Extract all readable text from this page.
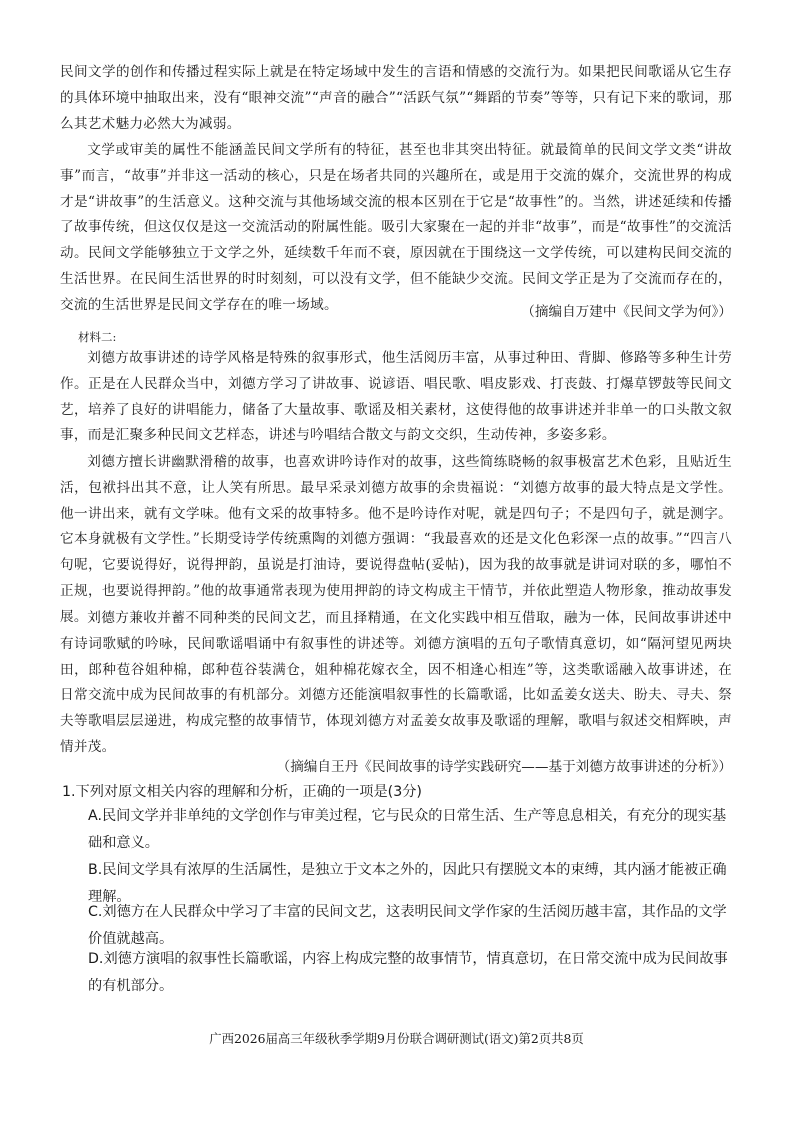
民间文学的创作和传播过程实际上就是在特定场域中发生的言语和情感的交流行为。如果把民间歌谣从它生存的具体环境中抽取出来，没有“眼神交流”“声音的融合”“活跃气氛”“舞蹈的节奏”等等，只有记下来的歌词，那么其艺术魅力必然大为减弱。

文学或审美的属性不能涵盖民间文学所有的特征，甚至也非其突出特征。就最简单的民间文学文类“讲故事”而言，“故事”并非这一活动的核心，只是在场者共同的兴趣所在，或是用于交流的媒介，交流世界的构成才是“讲故事”的生活意义。这种交流与其他场域交流的根本区别在于它是“故事性”的。当然，讲述延续和传播了故事传统，但这仅仅是这一交流活动的附属性能。吸引大家聚在一起的并非“故事”，而是“故事性”的交流活动。民间文学能够独立于文学之外，延续数千年而不衰，原因就在于围绕这一文学传统，可以建构民间交流的生活世界。在民间生活世界的时时刻刻，可以没有文学，但不能缺少交流。民间文学正是为了交流而存在的，交流的生活世界是民间文学存在的唯一场域。	（摘编自万建中《民间文学为何》）

材料二:

刘德方故事讲述的诗学风格是特殊的叙事形式，他生活阅历丰富，从事过种田、背脚、修路等多种生计劳作。正是在人民群众当中，刘德方学习了讲故事、说谚语、唱民歌、唱皮影戏、打丧鼓、打爆草锣鼓等民间文艺，培养了良好的讲唱能力，储备了大量故事、歌谣及相关素材，这使得他的故事讲述并非单一的口头散文叙事，而是汇聚多种民间文艺样态，讲述与吟唱结合散文与韵文交织，生动传神，多姿多彩。

刘德方擅长讲幽默滑稽的故事，也喜欢讲吟诗作对的故事，这些简练晓畅的叙事极富艺术色彩，且贴近生活，包袱抖出其不意，让人笑有所思。最早采录刘德方故事的余贵福说：“刘德方故事的最大特点是文学性。他一讲出来，就有文学味。他有文采的故事特多。他不是吟诗作对呢，就是四句子；不是四句子，就是测字。它本身就极有文学性。”长期受诗学传统熏陶的刘德方强调：“我最喜欢的还是文化色彩深一点的故事。”“四言八句呢，它要说得好，说得押韵，虽说是打油诗，要说得盘帖(妥帖)，因为我的故事就是讲词对联的多，哪怕不正规，也要说得押韵。”他的故事通常表现为使用押韵的诗文构成主干情节，并依此塑造人物形象，推动故事发展。 刘德方兼收并蓄不同种类的民间文艺，而且择精通，在文化实践中相互借取，融为一体，民间故事讲述中有诗词歌赋的吟咏，民间歌谣唱诵中有叙事性的讲述等。刘德方演唱的五句子歌情真意切，如“隔河望见两块田，郎种苞谷姐种棉，郎种苞谷装满仓，姐种棉花嫁衣全，因不相逢心相连”等，这类歌谣融入故事讲述，在日常交流中成为民间故事的有机部分。刘德方还能演唱叙事性的长篇歌谣，比如孟姜女送夫、盼夫、寻夫、祭夫等歌唱层层递进，构成完整的故事情节，体现刘德方对孟姜女故事及歌谣的理解，歌唱与叙述交相辉映，声情并茂。

（摘编自王丹《民间故事的诗学实践研究——基于刘德方故事讲述的分析》）

1.下列对原文相关内容的理解和分析，正确的一项是(3分)

A.民间文学并非单纯的文学创作与审美过程，它与民众的日常生活、生产等息息相关，有充分的现实基础和意义。
B.民间文学具有浓厚的生活属性，是独立于文本之外的，因此只有摆脱文本的束缚，其内涵才能被正确理解。
C.刘德方在人民群众中学习了丰富的民间文艺，这表明民间文学作家的生活阅历越丰富，其作品的文学价值就越高。
D.刘德方演唱的叙事性长篇歌谣，内容上构成完整的故事情节，情真意切，在日常交流中成为民间故事的有机部分。
广西2026届高三年级秋季学期9月份联合调研测试(语文)第2页共8页
